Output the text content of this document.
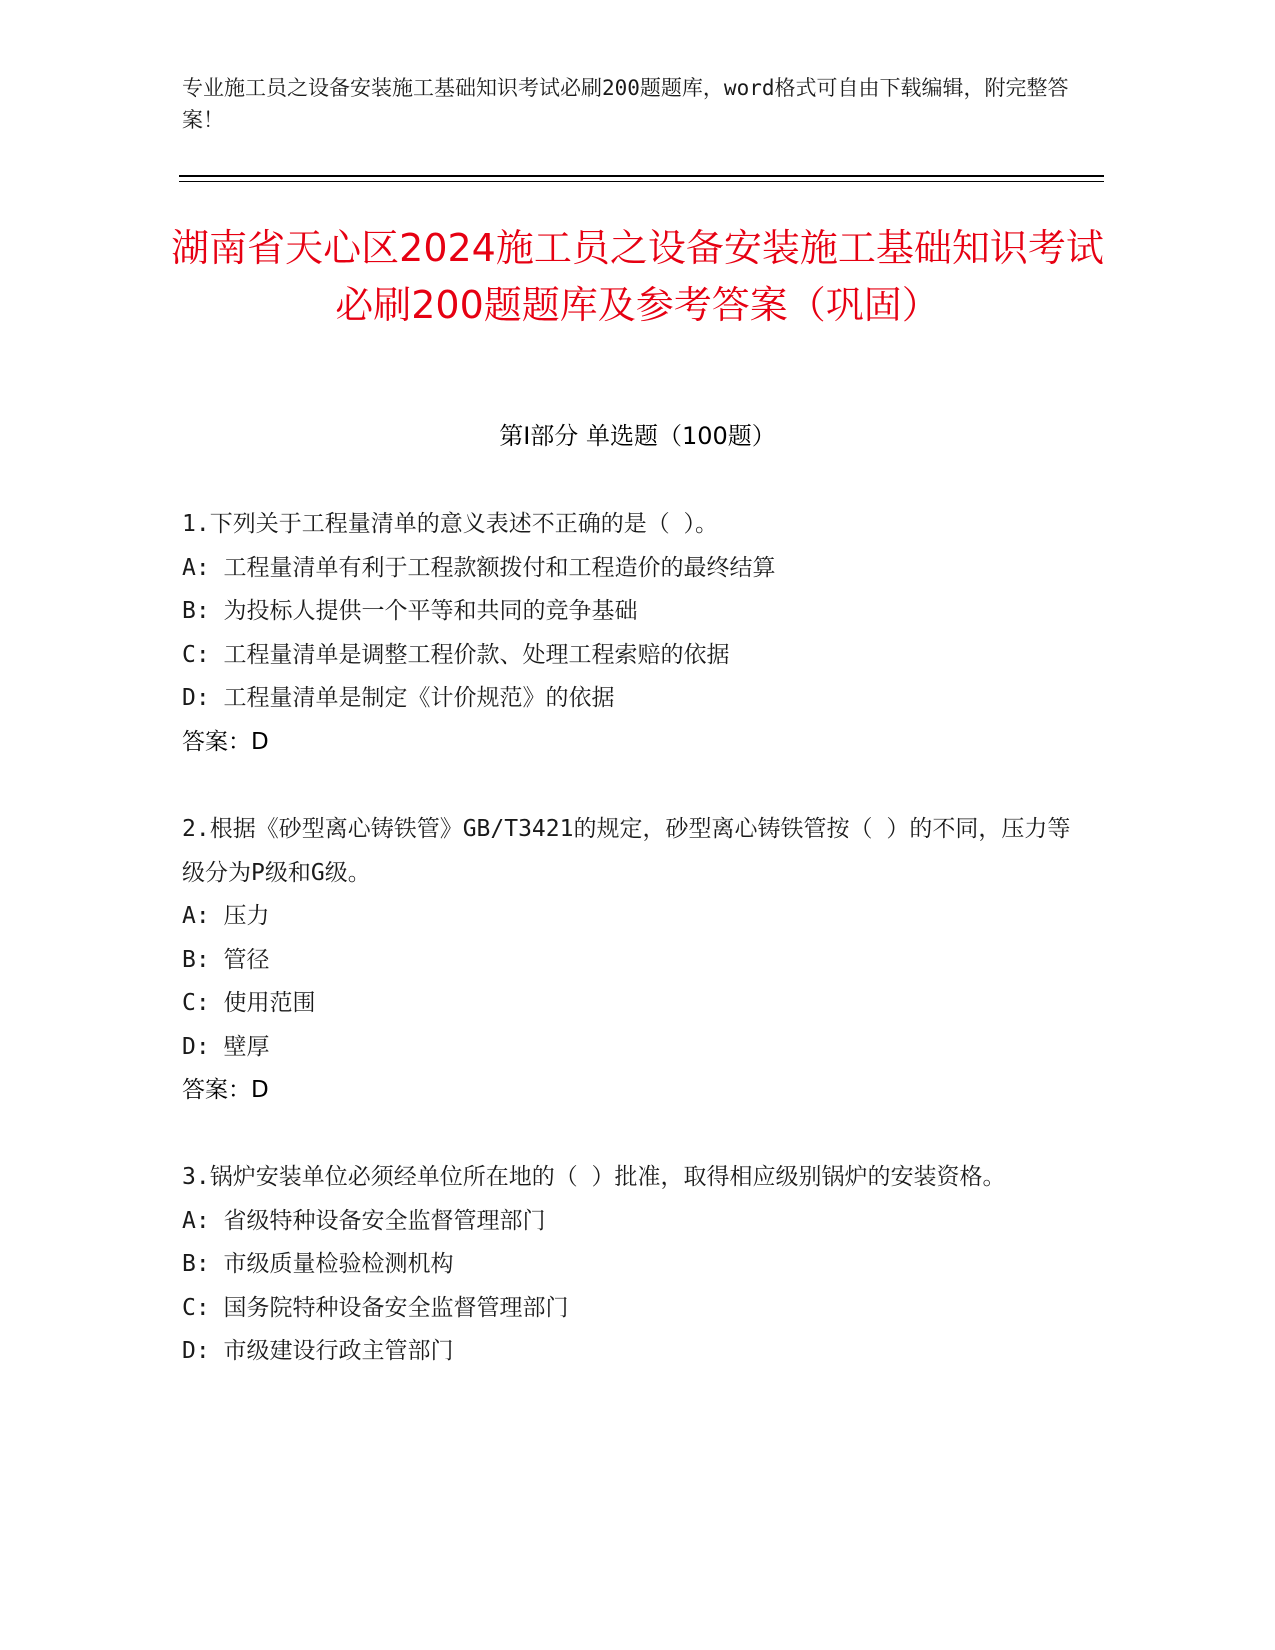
专业施工员之设备安装施工基础知识考试必刷200题题库，word格式可自由下载编辑，附完整答案！
湖南省天心区2024施工员之设备安装施工基础知识考试必刷200题题库及参考答案（巩固）
第I部分 单选题（100题）
1.下列关于工程量清单的意义表述不正确的是（ ）。
A: 工程量清单有利于工程款额拨付和工程造价的最终结算
B: 为投标人提供一个平等和共同的竞争基础
C: 工程量清单是调整工程价款、处理工程索赔的依据
D: 工程量清单是制定《计价规范》的依据
答案：D
2.根据《砂型离心铸铁管》GB/T3421的规定，砂型离心铸铁管按（ ）的不同，压力等级分为P级和G级。
A: 压力
B: 管径
C: 使用范围
D: 壁厚
答案：D
3.锅炉安装单位必须经单位所在地的（ ）批准，取得相应级别锅炉的安装资格。
A: 省级特种设备安全监督管理部门
B: 市级质量检验检测机构
C: 国务院特种设备安全监督管理部门
D: 市级建设行政主管部门
